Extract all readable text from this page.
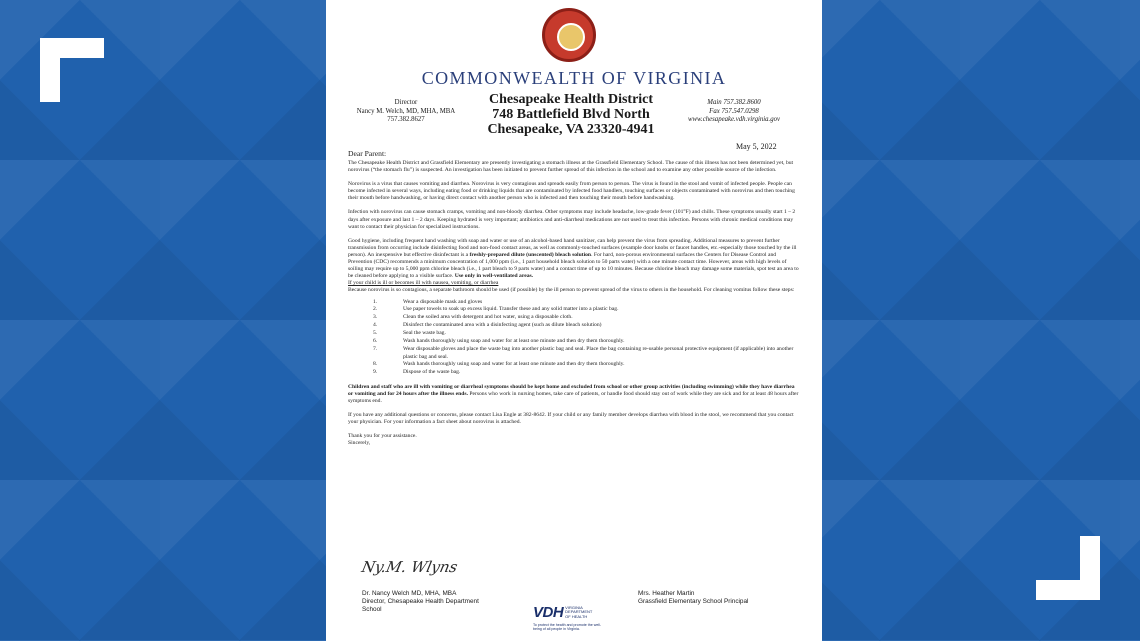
COMMONWEALTH OF VIRGINIA
Director
Nancy M. Welch, MD, MHA, MBA
757.382.8627
Chesapeake Health District
748 Battlefield Blvd North
Chesapeake, VA 23320-4941
Main 757.382.8600
Fax 757.547.0298
www.chesapeake.vdh.virginia.gov
May 5, 2022
Dear Parent:

The Chesapeake Health District and Grassfield Elementary are presently investigating a stomach illness at the Grassfield Elementary School. The cause of this illness has not been determined yet, but norovirus (“the stomach flu”) is suspected. An investigation has been initiated to prevent further spread of this infection in the school and to examine any other possible source of the infection.

Norovirus is a virus that causes vomiting and diarrhea. Norovirus is very contagious and spreads easily from person to person. The virus is found in the stool and vomit of infected people. People can become infected in several ways, including eating food or drinking liquids that are contaminated by infected food handlers, touching surfaces or objects contaminated with norovirus and then touching their mouth before handwashing, or having direct contact with another person who is infected and then touching their mouth before handwashing.

Infection with norovirus can cause stomach cramps, vomiting and non-bloody diarrhea. Other symptoms may include headache, low-grade fever (101°F) and chills. These symptoms usually start 1 – 2 days after exposure and last 1 – 2 days. Keeping hydrated is very important; antibiotics and anti-diarrheal medications are not used to treat this infection. Persons with chronic medical conditions may want to contact their physician for specialized instructions.

Good hygiene, including frequent hand washing with soap and water or use of an alcohol-based hand sanitizer, can help prevent the virus from spreading. Additional measures to prevent further transmission from occurring include disinfecting food and non-food contact areas, as well as commonly-touched surfaces (example door knobs or faucet handles, etc.-especially those touched by the ill person). An inexpensive but effective disinfectant is a freshly-prepared dilute (unscented) bleach solution. For hard, non-porous environmental surfaces the Centers for Disease Control and Prevention (CDC) recommends a minimum concentration of 1,000 ppm (i.e., 1 part household bleach solution to 50 parts water) with a one minute contact time. However, areas with high levels of soiling may require up to 5,000 ppm chlorine bleach (i.e., 1 part bleach to 9 parts water) and a contact time of up to 10 minutes. Because chlorine bleach may damage some materials, spot test an area to be cleaned before applying to a visible surface. Use only in well-ventilated areas.

If your child is ill or becomes ill with nausea, vomiting, or diarrhea
Because norovirus is so contagious, a separate bathroom should be used (if possible) by the ill person to prevent spread of the virus to others in the household. For cleaning vomitus follow these steps:
1.	Wear a disposable mask and gloves
2.	Use paper towels to soak up excess liquid. Transfer these and any solid matter into a plastic bag.
3.	Clean the soiled area with detergent and hot water, using a disposable cloth.
4.	Disinfect the contaminated area with a disinfecting agent (such as dilute bleach solution)
5.	Seal the waste bag.
6.	Wash hands thoroughly using soap and water for at least one minute and then dry them thoroughly.
7.	Wear disposable gloves and place the waste bag into another plastic bag and seal. Place the bag containing re-usable personal protective equipment (if applicable) into another plastic bag and seal.
8.	Wash hands thoroughly using soap and water for at least one minute and then dry them thoroughly.
9.	Dispose of the waste bag.

Children and staff who are ill with vomiting or diarrheal symptoms should be kept home and excluded from school or other group activities (including swimming) while they have diarrhea or vomiting and for 24 hours after the illness ends. Persons who work in nursing homes, take care of patients, or handle food should stay out of work while they are sick and for at least 48 hours after symptoms end.

If you have any additional questions or concerns, please contact Lisa Engle at 382-8642. If your child or any family member develops diarrhea with blood in the stool, we recommend that you contact your physician. For your information a fact sheet about norovirus is attached.

Thank you for your assistance.
Sincerely,
Ny.M. Wlyns
Dr. Nancy Welch MD, MHA, MBA
Director, Chesapeake Health Department
School
Mrs. Heather Martin
Grassfield Elementary School Principal
VDH VIRGINIA
DEPARTMENT
OF HEALTH
To protect the health and promote the well-being of all people in Virginia.
